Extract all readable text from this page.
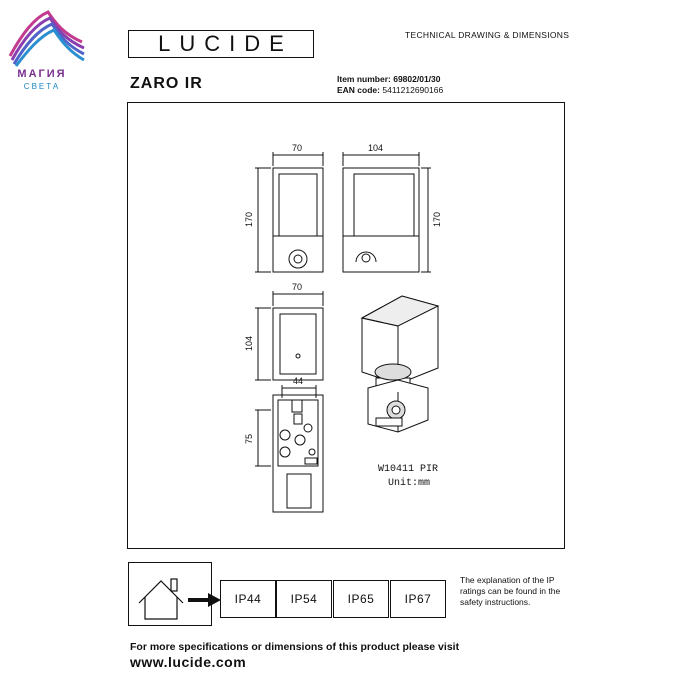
МАГИЯ
СВЕТА
LUCIDE	TECHNICAL DRAWING & DIMENSIONS
ZARO IR	Item number: 69802/01/30
EAN code: 5411212690166
70	104
170	170
70
104
44
75
W10411 PIR
Unit:mm
IP44	IP54	IP65	IP67
The explanation of the IP ratings can be found in the safety instructions.
For more specifications or dimensions of this product please visit
www.lucide.com
